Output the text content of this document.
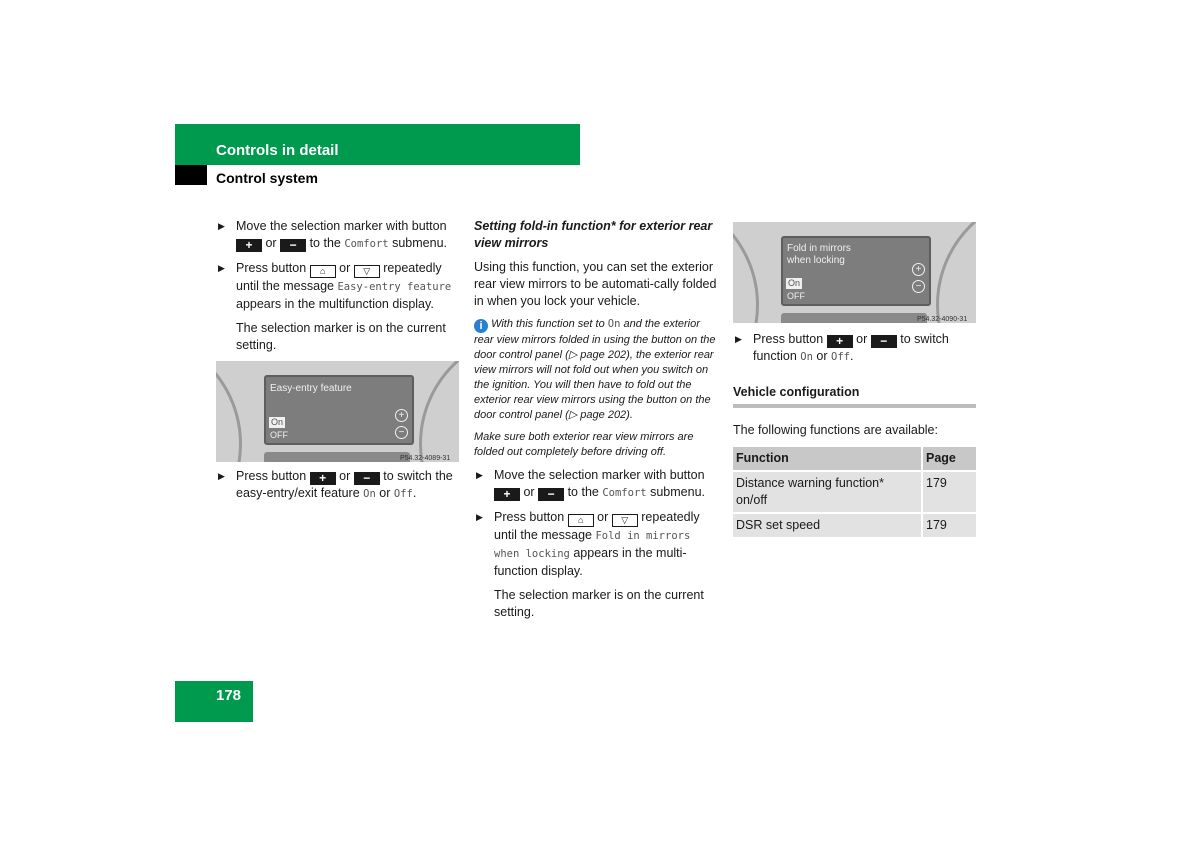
Controls in detail
Control system
▶ Move the selection marker with button + or − to the Comfort submenu.
▶ Press button ⌂ or ▽ repeatedly until the message Easy-entry feature appears in the multifunction display.
The selection marker is on the current setting.
Easy-entry feature
On
OFF
+
−
P54.32-4089-31
▶ Press button + or − to switch the easy-entry/exit feature On or Off.
Setting fold-in function* for exterior rear view mirrors
Using this function, you can set the exterior rear view mirrors to be automati-cally folded in when you lock your vehicle.
i With this function set to On and the exterior rear view mirrors folded in using the button on the door control panel (▷ page 202), the exterior rear view mirrors will not fold out when you switch on the ignition. You will then have to fold out the exterior rear view mirrors using the button on the door control panel (▷ page 202).
Make sure both exterior rear view mirrors are folded out completely before driving off.
▶ Move the selection marker with button + or − to the Comfort submenu.
▶ Press button ⌂ or ▽ repeatedly until the message Fold in mirrors when locking appears in the multi-function display.
The selection marker is on the current setting.
Fold in mirrors
when locking
On
OFF
+
−
P54.32-4090-31
▶ Press button + or − to switch function On or Off.
Vehicle configuration
The following functions are available:
Function	Page
Distance warning function* on/off	179
DSR set speed	179
178
